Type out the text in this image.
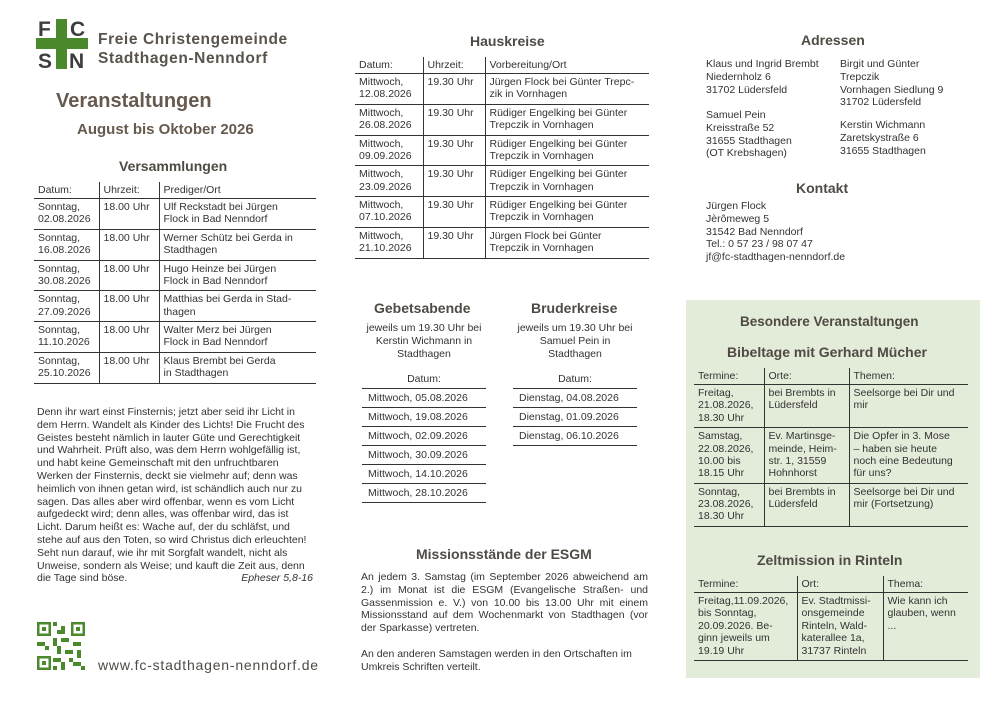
F C
S N
Freie Christengemeinde
Stadthagen-Nenndorf
Veranstaltungen
August bis Oktober 2026
Versammlungen
Datum:	Uhrzeit:	Prediger/Ort
Sonntag,
02.08.2026	18.00 Uhr	Ulf Reckstadt bei Jürgen
Flock in Bad Nenndorf
Sonntag,
16.08.2026	18.00 Uhr	Werner Schütz bei Gerda in
Stadthagen
Sonntag,
30.08.2026	18.00 Uhr	Hugo Heinze bei Jürgen
Flock in Bad Nenndorf
Sonntag,
27.09.2026	18.00 Uhr	Matthias bei Gerda in Stad-
thagen
Sonntag,
11.10.2026	18.00 Uhr	Walter Merz bei Jürgen
Flock in Bad Nenndorf
Sonntag,
25.10.2026	18.00 Uhr	Klaus Brembt bei Gerda
in Stadthagen
Denn ihr wart einst Finsternis; jetzt aber seid ihr Licht in dem Herrn. Wandelt als Kinder des Lichts! Die Frucht des Geistes besteht nämlich in lauter Güte und Gerechtigkeit und Wahrheit. Prüft also, was dem Herrn wohlgefällig ist, und habt keine Gemeinschaft mit den unfruchtbaren Werken der Finsternis, deckt sie vielmehr auf; denn was heimlich von ihnen getan wird, ist schändlich auch nur zu sagen. Das alles aber wird offenbar, wenn es vom Licht aufgedeckt wird; denn alles, was offenbar wird, das ist Licht. Darum heißt es: Wache auf, der du schläfst, und stehe auf aus den Toten, so wird Christus dich erleuchten! Seht nun darauf, wie ihr mit Sorgfalt wandelt, nicht als Unweise, sondern als Weise; und kauft die Zeit aus, denn die Tage sind böse.	Epheser 5,8-16
www.fc-stadthagen-nenndorf.de
Hauskreise
Datum:	Uhrzeit:	Vorbereitung/Ort
Mittwoch,
12.08.2026	19.30 Uhr	Jürgen Flock bei Günter Trepc-
zik in Vornhagen
Mittwoch,
26.08.2026	19.30 Uhr	Rüdiger Engelking bei Günter
Trepczik in Vornhagen
Mittwoch,
09.09.2026	19.30 Uhr	Rüdiger Engelking bei Günter
Trepczik in Vornhagen
Mittwoch,
23.09.2026	19.30 Uhr	Rüdiger Engelking bei Günter
Trepczik in Vornhagen
Mittwoch,
07.10.2026	19.30 Uhr	Rüdiger Engelking bei Günter
Trepczik in Vornhagen
Mittwoch,
21.10.2026	19.30 Uhr	Jürgen Flock bei Günter
Trepczik in Vornhagen
Gebetsabende
jeweils um 19.30 Uhr bei
Kerstin Wichmann in
Stadthagen
Datum:
Mittwoch, 05.08.2026
Mittwoch, 19.08.2026
Mittwoch, 02.09.2026
Mittwoch, 30.09.2026
Mittwoch, 14.10.2026
Mittwoch, 28.10.2026
Bruderkreise
jeweils um 19.30 Uhr bei
Samuel Pein in
Stadthagen
Datum:
Dienstag, 04.08.2026
Dienstag, 01.09.2026
Dienstag, 06.10.2026
Missionsstände der ESGM
An jedem 3. Samstag (im September 2026 abweichend am 2.) im Monat ist die ESGM (Evangelische Straßen- und Gassenmission e. V.) von 10.00 bis 13.00 Uhr mit einem Missionsstand auf dem Wochenmarkt von Stadthagen (vor der Sparkasse) vertreten.
An den anderen Samstagen werden in den Ortschaften im Umkreis Schriften verteilt.
Adressen
Klaus und Ingrid Brembt
Niedernholz 6
31702 Lüdersfeld
Birgit und Günter
Trepczik
Vornhagen Siedlung 9
31702 Lüdersfeld
Samuel Pein
Kreisstraße 52
31655 Stadthagen
(OT Krebshagen)
Kerstin Wichmann
Zaretskystraße 6
31655 Stadthagen
Kontakt
Jürgen Flock
Jèrômeweg 5
31542 Bad Nenndorf
Tel.: 0 57 23 / 98 07 47
jf@fc-stadthagen-nenndorf.de
Besondere Veranstaltungen
Bibeltage mit Gerhard Mücher
Termine:	Orte:	Themen:
Freitag,
21.08.2026,
18.30 Uhr	bei Brembts in
Lüdersfeld	Seelsorge bei Dir und
mir
Samstag,
22.08.2026,
10.00 bis
18.15 Uhr	Ev. Martinsge-
meinde, Heim-
str. 1, 31559
Hohnhorst	Die Opfer in 3. Mose
– haben sie heute
noch eine Bedeutung
für uns?
Sonntag,
23.08.2026,
18.30 Uhr	bei Brembts in
Lüdersfeld	Seelsorge bei Dir und
mir (Fortsetzung)
Zeltmission in Rinteln
Termine:	Ort:	Thema:
Freitag,11.09.2026,
bis Sonntag,
20.09.2026. Be-
ginn jeweils um
19.19 Uhr	Ev. Stadtmissi-
onsgemeinde
Rinteln, Wald-
katerallee 1a,
31737 Rinteln	Wie kann ich
glauben, wenn
...
